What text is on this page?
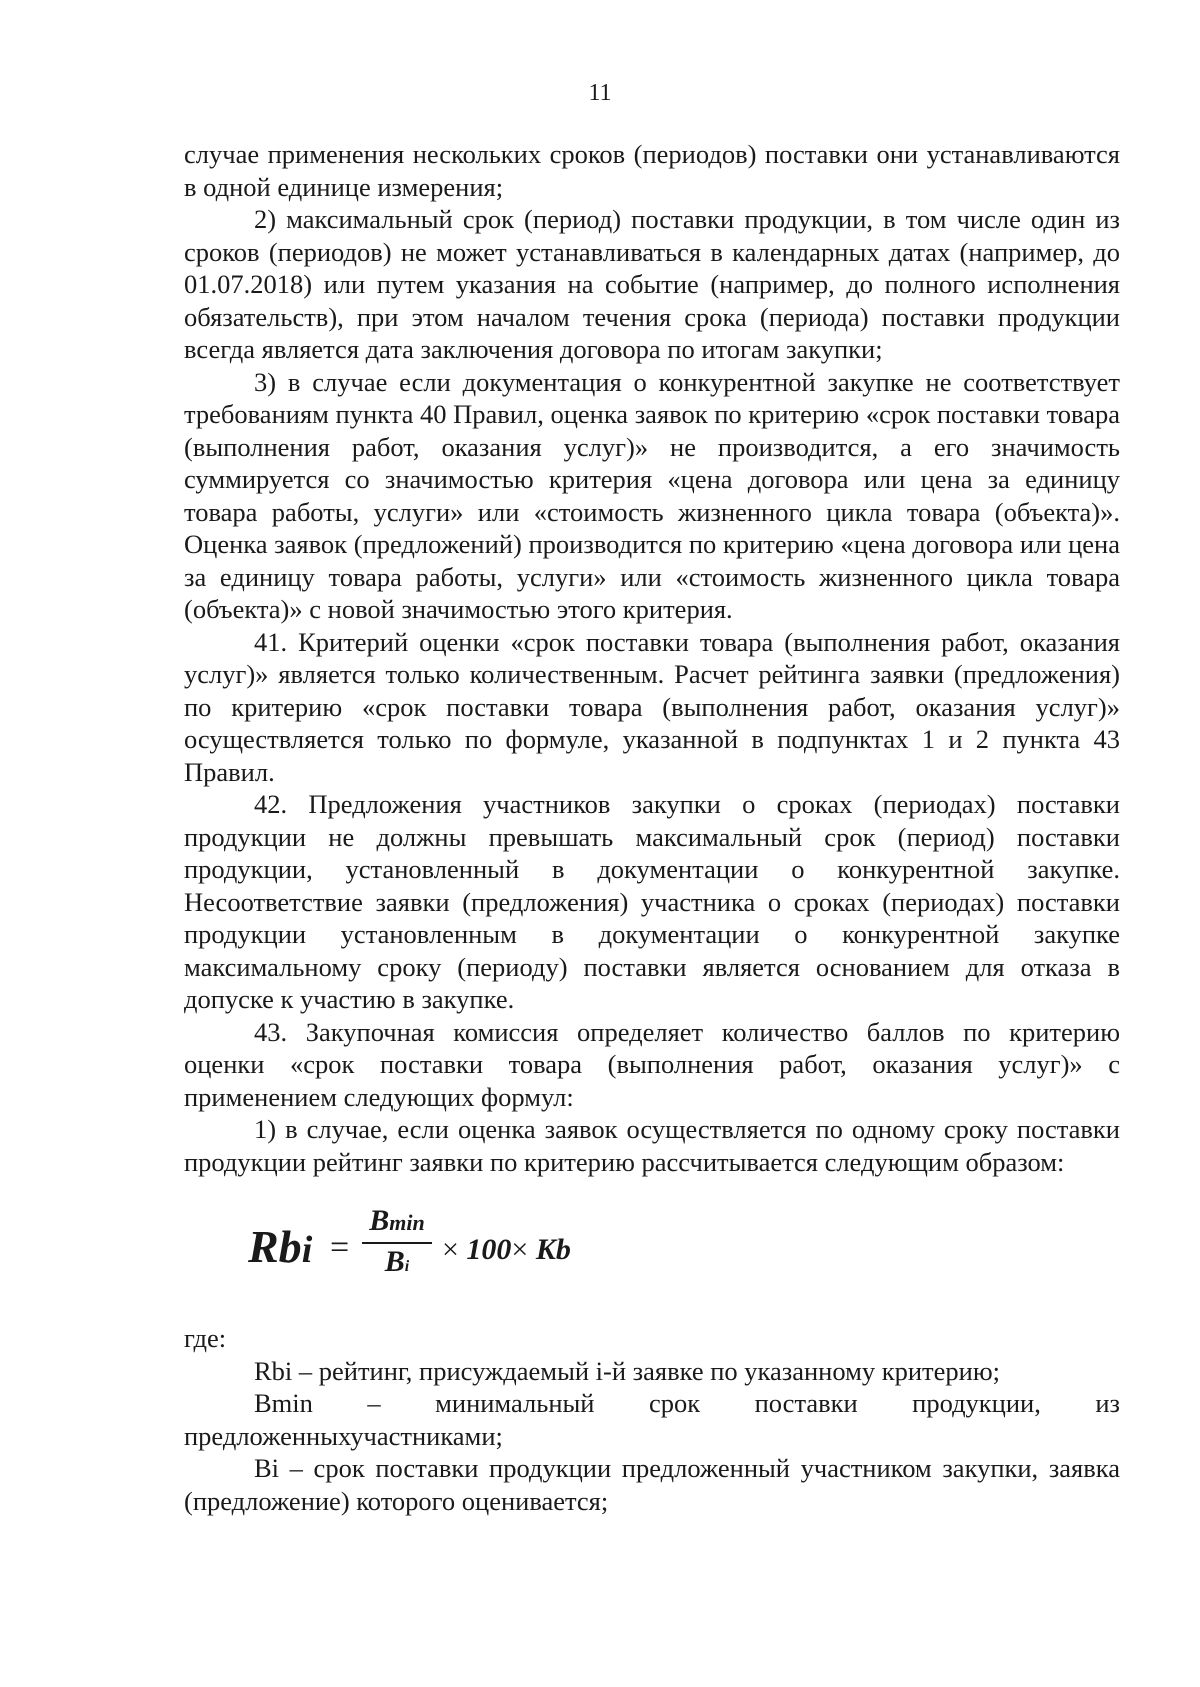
11

случае применения нескольких сроков (периодов) поставки они устанавливаются в одной единице измерения;

2) максимальный срок (период) поставки продукции, в том числе один из сроков (периодов) не может устанавливаться в календарных датах (например, до 01.07.2018) или путем указания на событие (например, до полного исполнения обязательств), при этом началом течения срока (периода) поставки продукции всегда является дата заключения договора по итогам закупки;

3) в случае если документация о конкурентной закупке не соответствует требованиям пункта 40 Правил, оценка заявок по критерию «срок поставки товара (выполнения работ, оказания услуг)» не производится, а его значимость суммируется со значимостью критерия «цена договора или цена за единицу товара работы, услуги» или «стоимость жизненного цикла товара (объекта)». Оценка заявок (предложений) производится по критерию «цена договора или цена за единицу товара работы, услуги» или «стоимость жизненного цикла товара (объекта)» с новой значимостью этого критерия.

41. Критерий оценки «срок поставки товара (выполнения работ, оказания услуг)» является только количественным. Расчет рейтинга заявки (предложения) по критерию «срок поставки товара (выполнения работ, оказания услуг)» осуществляется только по формуле, указанной в подпунктах 1 и 2 пункта 43 Правил.

42. Предложения участников закупки о сроках (периодах) поставки продукции не должны превышать максимальный срок (период) поставки продукции, установленный в документации о конкурентной закупке. Несоответствие заявки (предложения) участника о сроках (периодах) поставки продукции установленным в документации о конкурентной закупке максимальному сроку (периоду) поставки является основанием для отказа в допуске к участию в закупке.

43. Закупочная комиссия определяет количество баллов по критерию оценки «срок поставки товара (выполнения работ, оказания услуг)» с применением следующих формул:

1) в случае, если оценка заявок осуществляется по одному сроку поставки продукции рейтинг заявки по критерию рассчитывается следующим образом:

Rbi =
Bmin
Bi
× 100× Kb

где:

Rbi – рейтинг, присуждаемый i-й заявке по указанному критерию;

Bmin – минимальный срок поставки продукции, из предложенныхучастниками;

Bi – срок поставки продукции предложенный участником закупки, заявка (предложение) которого оценивается;
